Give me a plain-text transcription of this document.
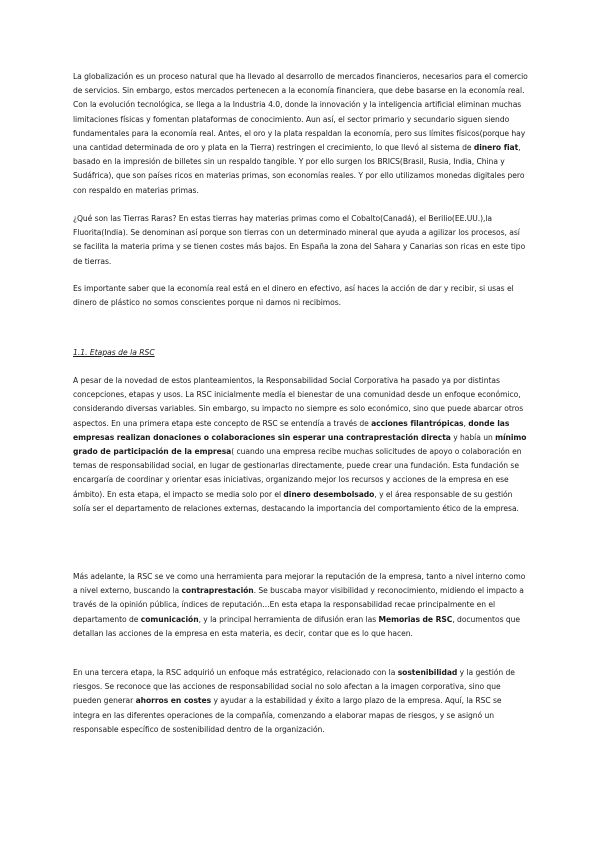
La globalización es un proceso natural que ha llevado al desarrollo de mercados financieros, necesarios para el comercio de servicios. Sin embargo, estos mercados pertenecen a la economía financiera, que debe basarse en la economía real. Con la evolución tecnológica, se llega a la Industria 4.0, donde la innovación y la inteligencia artificial eliminan muchas limitaciones físicas y fomentan plataformas de conocimiento. Aun así, el sector primario y secundario siguen siendo fundamentales para la economía real. Antes, el oro y la plata respaldan la economía, pero sus límites físicos(porque hay una cantidad determinada de oro y plata en la Tierra) restringen el crecimiento, lo que llevó al sistema de dinero fiat, basado en la impresión de billetes sin un respaldo tangible. Y por ello surgen los BRICS(Brasil, Rusia, India, China y Sudáfrica), que son países ricos en materias primas, son economías reales. Y por ello utilizamos monedas digitales pero con respaldo en materias primas.

¿Qué son las Tierras Raras? En estas tierras hay materias primas como el Cobalto(Canadá), el Berilio(EE.UU.),la Fluorita(India). Se denominan así porque son tierras con un determinado mineral que ayuda a agilizar los procesos, así se facilita la materia prima y se tienen costes más bajos. En España la zona del Sahara y Canarias son ricas en este tipo de tierras.

Es importante saber que la economía real está en el dinero en efectivo, así haces la acción de dar y recibir, si usas el dinero de plástico no somos conscientes porque ni damos ni recibimos.

1.1. Etapas de la RSC

A pesar de la novedad de estos planteamientos, la Responsabilidad Social Corporativa ha pasado ya por distintas concepciones, etapas y usos. La RSC inicialmente medía el bienestar de una comunidad desde un enfoque económico, considerando diversas variables. Sin embargo, su impacto no siempre es solo económico, sino que puede abarcar otros aspectos. En una primera etapa este concepto de RSC se entendía a través de acciones filantrópicas, donde las empresas realizan donaciones o colaboraciones sin esperar una contraprestación directa y había un mínimo grado de participación de la empresa( cuando una empresa recibe muchas solicitudes de apoyo o colaboración en temas de responsabilidad social, en lugar de gestionarlas directamente, puede crear una fundación. Esta fundación se encargaría de coordinar y orientar esas iniciativas, organizando mejor los recursos y acciones de la empresa en ese ámbito). En esta etapa, el impacto se media solo por el dinero desembolsado, y el área responsable de su gestión solía ser el departamento de relaciones externas, destacando la importancia del comportamiento ético de la empresa.

Más adelante, la RSC se ve como una herramienta para mejorar la reputación de la empresa, tanto a nivel interno como a nivel externo, buscando la contraprestación. Se buscaba mayor visibilidad y reconocimiento, midiendo el impacto a través de la opinión pública, índices de reputación…En esta etapa la responsabilidad recae principalmente en el departamento de comunicación, y la principal herramienta de difusión eran las Memorias de RSC, documentos que detallan las acciones de la empresa en esta materia, es decir, contar que es lo que hacen.

En una tercera etapa, la RSC adquirió un enfoque más estratégico, relacionado con la sostenibilidad y la gestión de riesgos. Se reconoce que las acciones de responsabilidad social no solo afectan a la imagen corporativa, sino que pueden generar ahorros en costes y ayudar a la estabilidad y éxito a largo plazo de la empresa. Aquí, la RSC se integra en las diferentes operaciones de la compañía, comenzando a elaborar mapas de riesgos, y se asignó un responsable específico de sostenibilidad dentro de la organización.
